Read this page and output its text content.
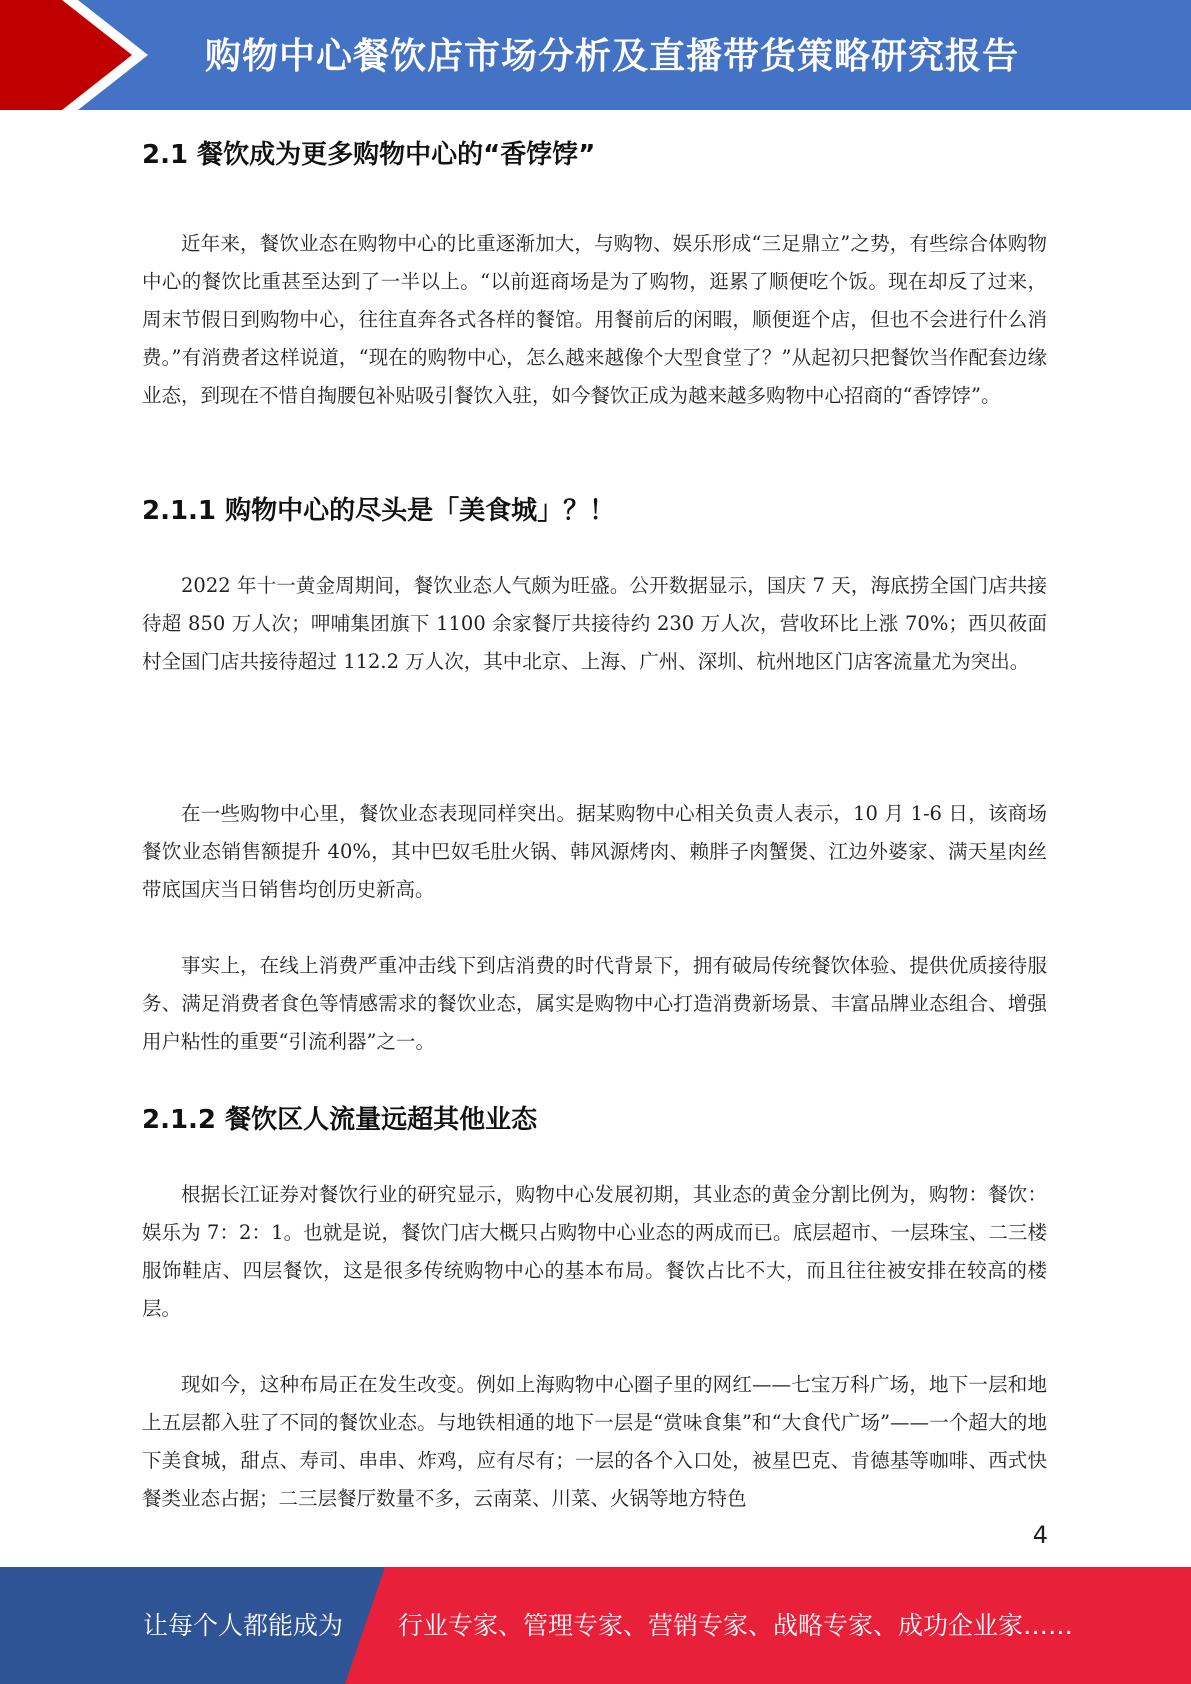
购物中心餐饮店市场分析及直播带货策略研究报告
2.1 餐饮成为更多购物中心的“香饽饽”

近年来，餐饮业态在购物中心的比重逐渐加大，与购物、娱乐形成“三足鼎立”之势，有些综合体购物中心的餐饮比重甚至达到了一半以上。“以前逛商场是为了购物，逛累了顺便吃个饭。现在却反了过来，周末节假日到购物中心，往往直奔各式各样的餐馆。用餐前后的闲暇，顺便逛个店，但也不会进行什么消费。”有消费者这样说道，“现在的购物中心，怎么越来越像个大型食堂了？”从起初只把餐饮当作配套边缘业态，到现在不惜自掏腰包补贴吸引餐饮入驻，如今餐饮正成为越来越多购物中心招商的“香饽饽”。

2.1.1 购物中心的尽头是「美食城」？！

2022 年十一黄金周期间，餐饮业态人气颇为旺盛。公开数据显示，国庆 7 天，海底捞全国门店共接待超 850 万人次；呷哺集团旗下 1100 余家餐厅共接待约 230 万人次，营收环比上涨 70%；西贝莜面村全国门店共接待超过 112.2 万人次，其中北京、上海、广州、深圳、杭州地区门店客流量尤为突出。

在一些购物中心里，餐饮业态表现同样突出。据某购物中心相关负责人表示，10 月 1-6 日，该商场餐饮业态销售额提升 40%，其中巴奴毛肚火锅、韩风源烤肉、赖胖子肉蟹煲、江边外婆家、满天星肉丝带底国庆当日销售均创历史新高。

事实上，在线上消费严重冲击线下到店消费的时代背景下，拥有破局传统餐饮体验、提供优质接待服务、满足消费者食色等情感需求的餐饮业态，属实是购物中心打造消费新场景、丰富品牌业态组合、增强用户粘性的重要“引流利器”之一。

2.1.2 餐饮区人流量远超其他业态

根据长江证券对餐饮行业的研究显示，购物中心发展初期，其业态的黄金分割比例为，购物：餐饮：娱乐为 7：2：1。也就是说，餐饮门店大概只占购物中心业态的两成而已。底层超市、一层珠宝、二三楼服饰鞋店、四层餐饮，这是很多传统购物中心的基本布局。餐饮占比不大，而且往往被安排在较高的楼层。

现如今，这种布局正在发生改变。例如上海购物中心圈子里的网红——七宝万科广场，地下一层和地上五层都入驻了不同的餐饮业态。与地铁相通的地下一层是“赏味食集”和“大食代广场”——一个超大的地下美食城，甜点、寿司、串串、炸鸡，应有尽有；一层的各个入口处，被星巴克、肯德基等咖啡、西式快餐类业态占据；二三层餐厅数量不多，云南菜、川菜、火锅等地方特色

4
让每个人都能成为 行业专家、管理专家、营销专家、战略专家、成功企业家……
